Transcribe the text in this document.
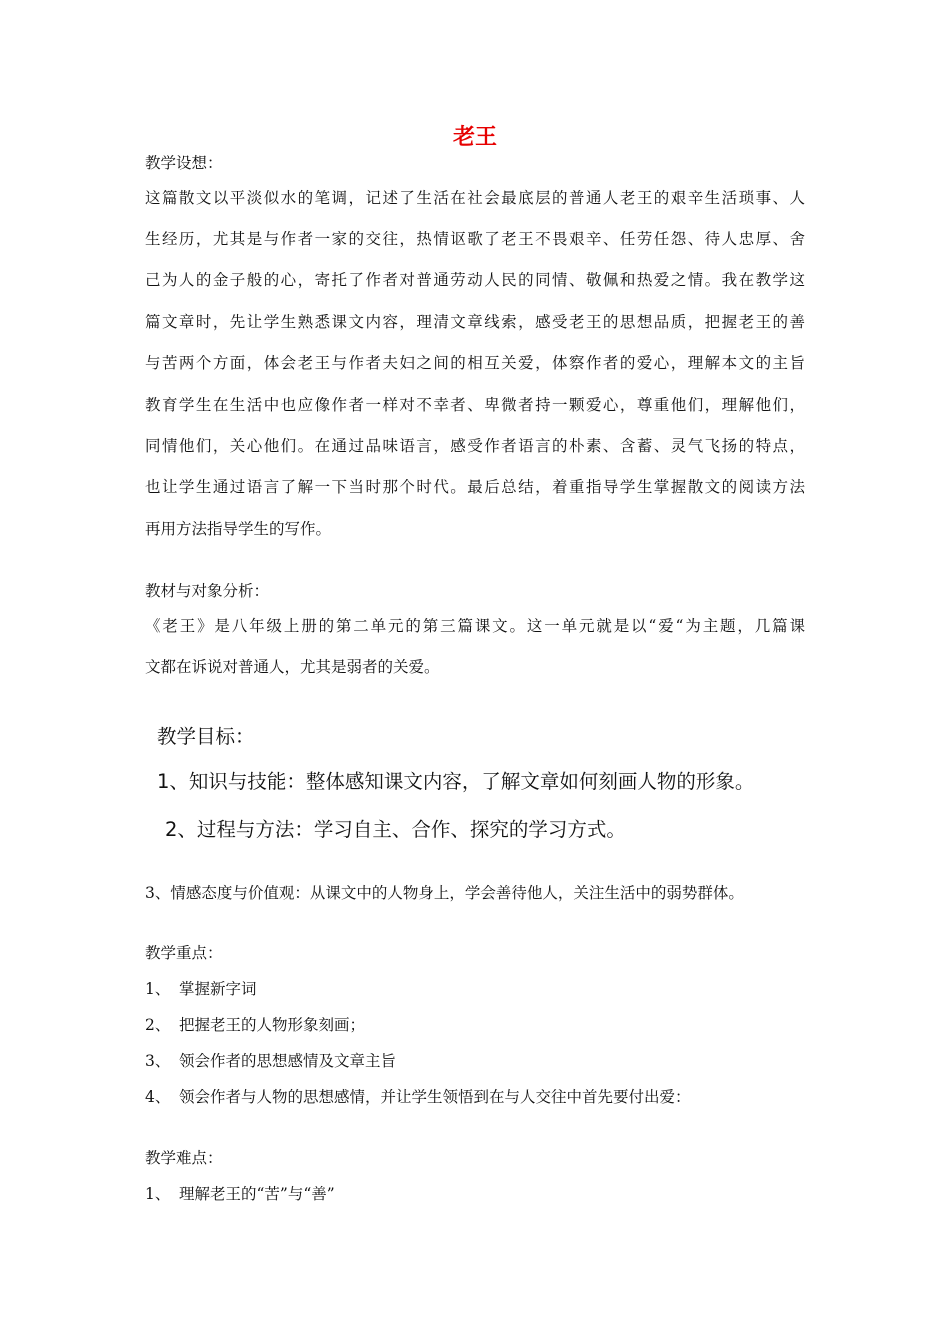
老王
教学设想：
这篇散文以平淡似水的笔调，记述了生活在社会最底层的普通人老王的艰辛生活琐事、人
生经历，尤其是与作者一家的交往，热情讴歌了老王不畏艰辛、任劳任怨、待人忠厚、舍
己为人的金子般的心，寄托了作者对普通劳动人民的同情、敬佩和热爱之情。我在教学这
篇文章时，先让学生熟悉课文内容，理清文章线索，感受老王的思想品质，把握老王的善
与苦两个方面，体会老王与作者夫妇之间的相互关爱，体察作者的爱心，理解本文的主旨
教育学生在生活中也应像作者一样对不幸者、卑微者持一颗爱心，尊重他们，理解他们，
同情他们，关心他们。在通过品味语言，感受作者语言的朴素、含蓄、灵气飞扬的特点，
也让学生通过语言了解一下当时那个时代。最后总结，着重指导学生掌握散文的阅读方法
再用方法指导学生的写作。
教材与对象分析：
《老王》是八年级上册的第二单元的第三篇课文。这一单元就是以“爱“为主题，几篇课
文都在诉说对普通人，尤其是弱者的关爱。
教学目标：
1、知识与技能：整体感知课文内容，了解文章如何刻画人物的形象。
2、过程与方法：学习自主、合作、探究的学习方式。
3、情感态度与价值观：从课文中的人物身上，学会善待他人，关注生活中的弱势群体。
教学重点：
1、 掌握新字词
2、 把握老王的人物形象刻画；
3、 领会作者的思想感情及文章主旨
4、 领会作者与人物的思想感情，并让学生领悟到在与人交往中首先要付出爱：
教学难点：
1、 理解老王的“苦”与“善”
